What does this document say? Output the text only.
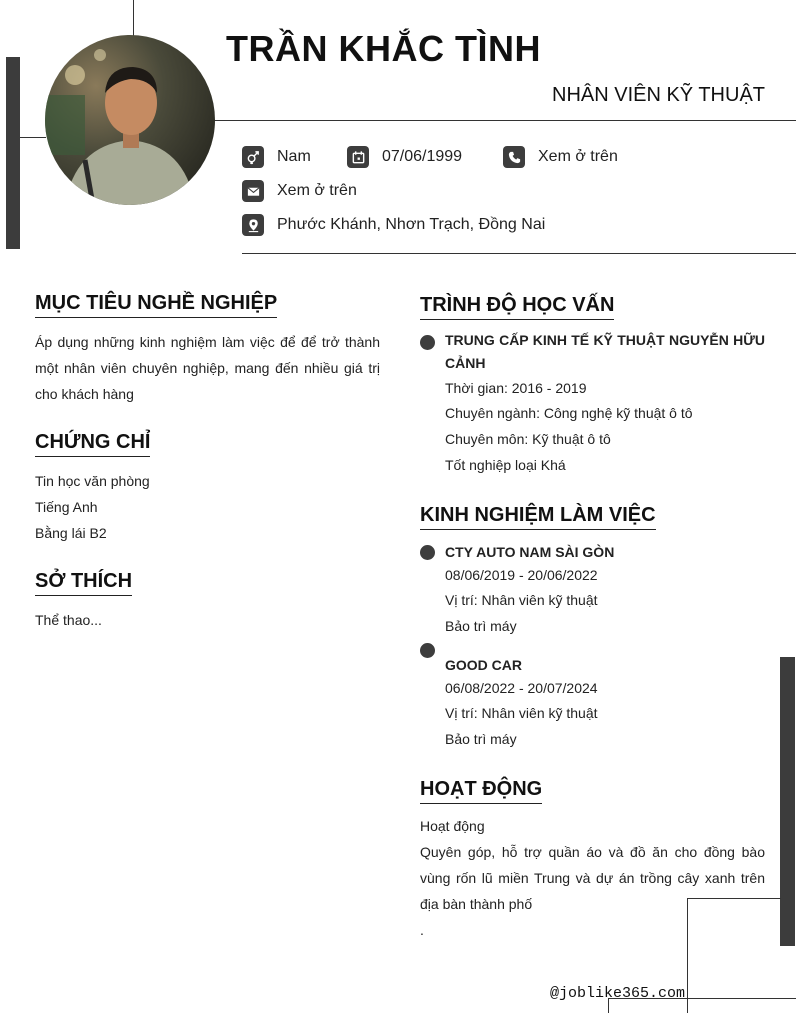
TRẦN KHẮC TÌNH
NHÂN VIÊN KỸ THUẬT
Nam	07/06/1999	Xem ở trên
Xem ở trên
Phước Khánh, Nhơn Trạch, Đồng Nai
MỤC TIÊU NGHỀ NGHIỆP
Áp dụng những kinh nghiệm làm việc để để trở thành một nhân viên chuyên nghiệp, mang đến nhiều giá trị cho khách hàng
CHỨNG CHỈ
Tin học văn phòng
Tiếng Anh
Bằng lái B2
SỞ THÍCH
Thể thao...
TRÌNH ĐỘ HỌC VẤN
TRUNG CẤP KINH TẾ KỸ THUẬT NGUYỄN HỮU CẢNH
Thời gian: 2016 - 2019
Chuyên ngành: Công nghệ kỹ thuật ô tô
Chuyên môn: Kỹ thuật ô tô
Tốt nghiệp loại Khá
KINH NGHIỆM LÀM VIỆC
CTY AUTO NAM SÀI GÒN
08/06/2019 - 20/06/2022
Vị trí: Nhân viên kỹ thuật
Bảo trì máy
GOOD CAR
06/08/2022 - 20/07/2024
Vị trí: Nhân viên kỹ thuật
Bảo trì máy
HOẠT ĐỘNG
Hoạt động
Quyên góp, hỗ trợ quần áo và đồ ăn cho đồng bào vùng rốn lũ miền Trung và dự án trồng cây xanh trên địa bàn thành phố
.
@joblike365.com
